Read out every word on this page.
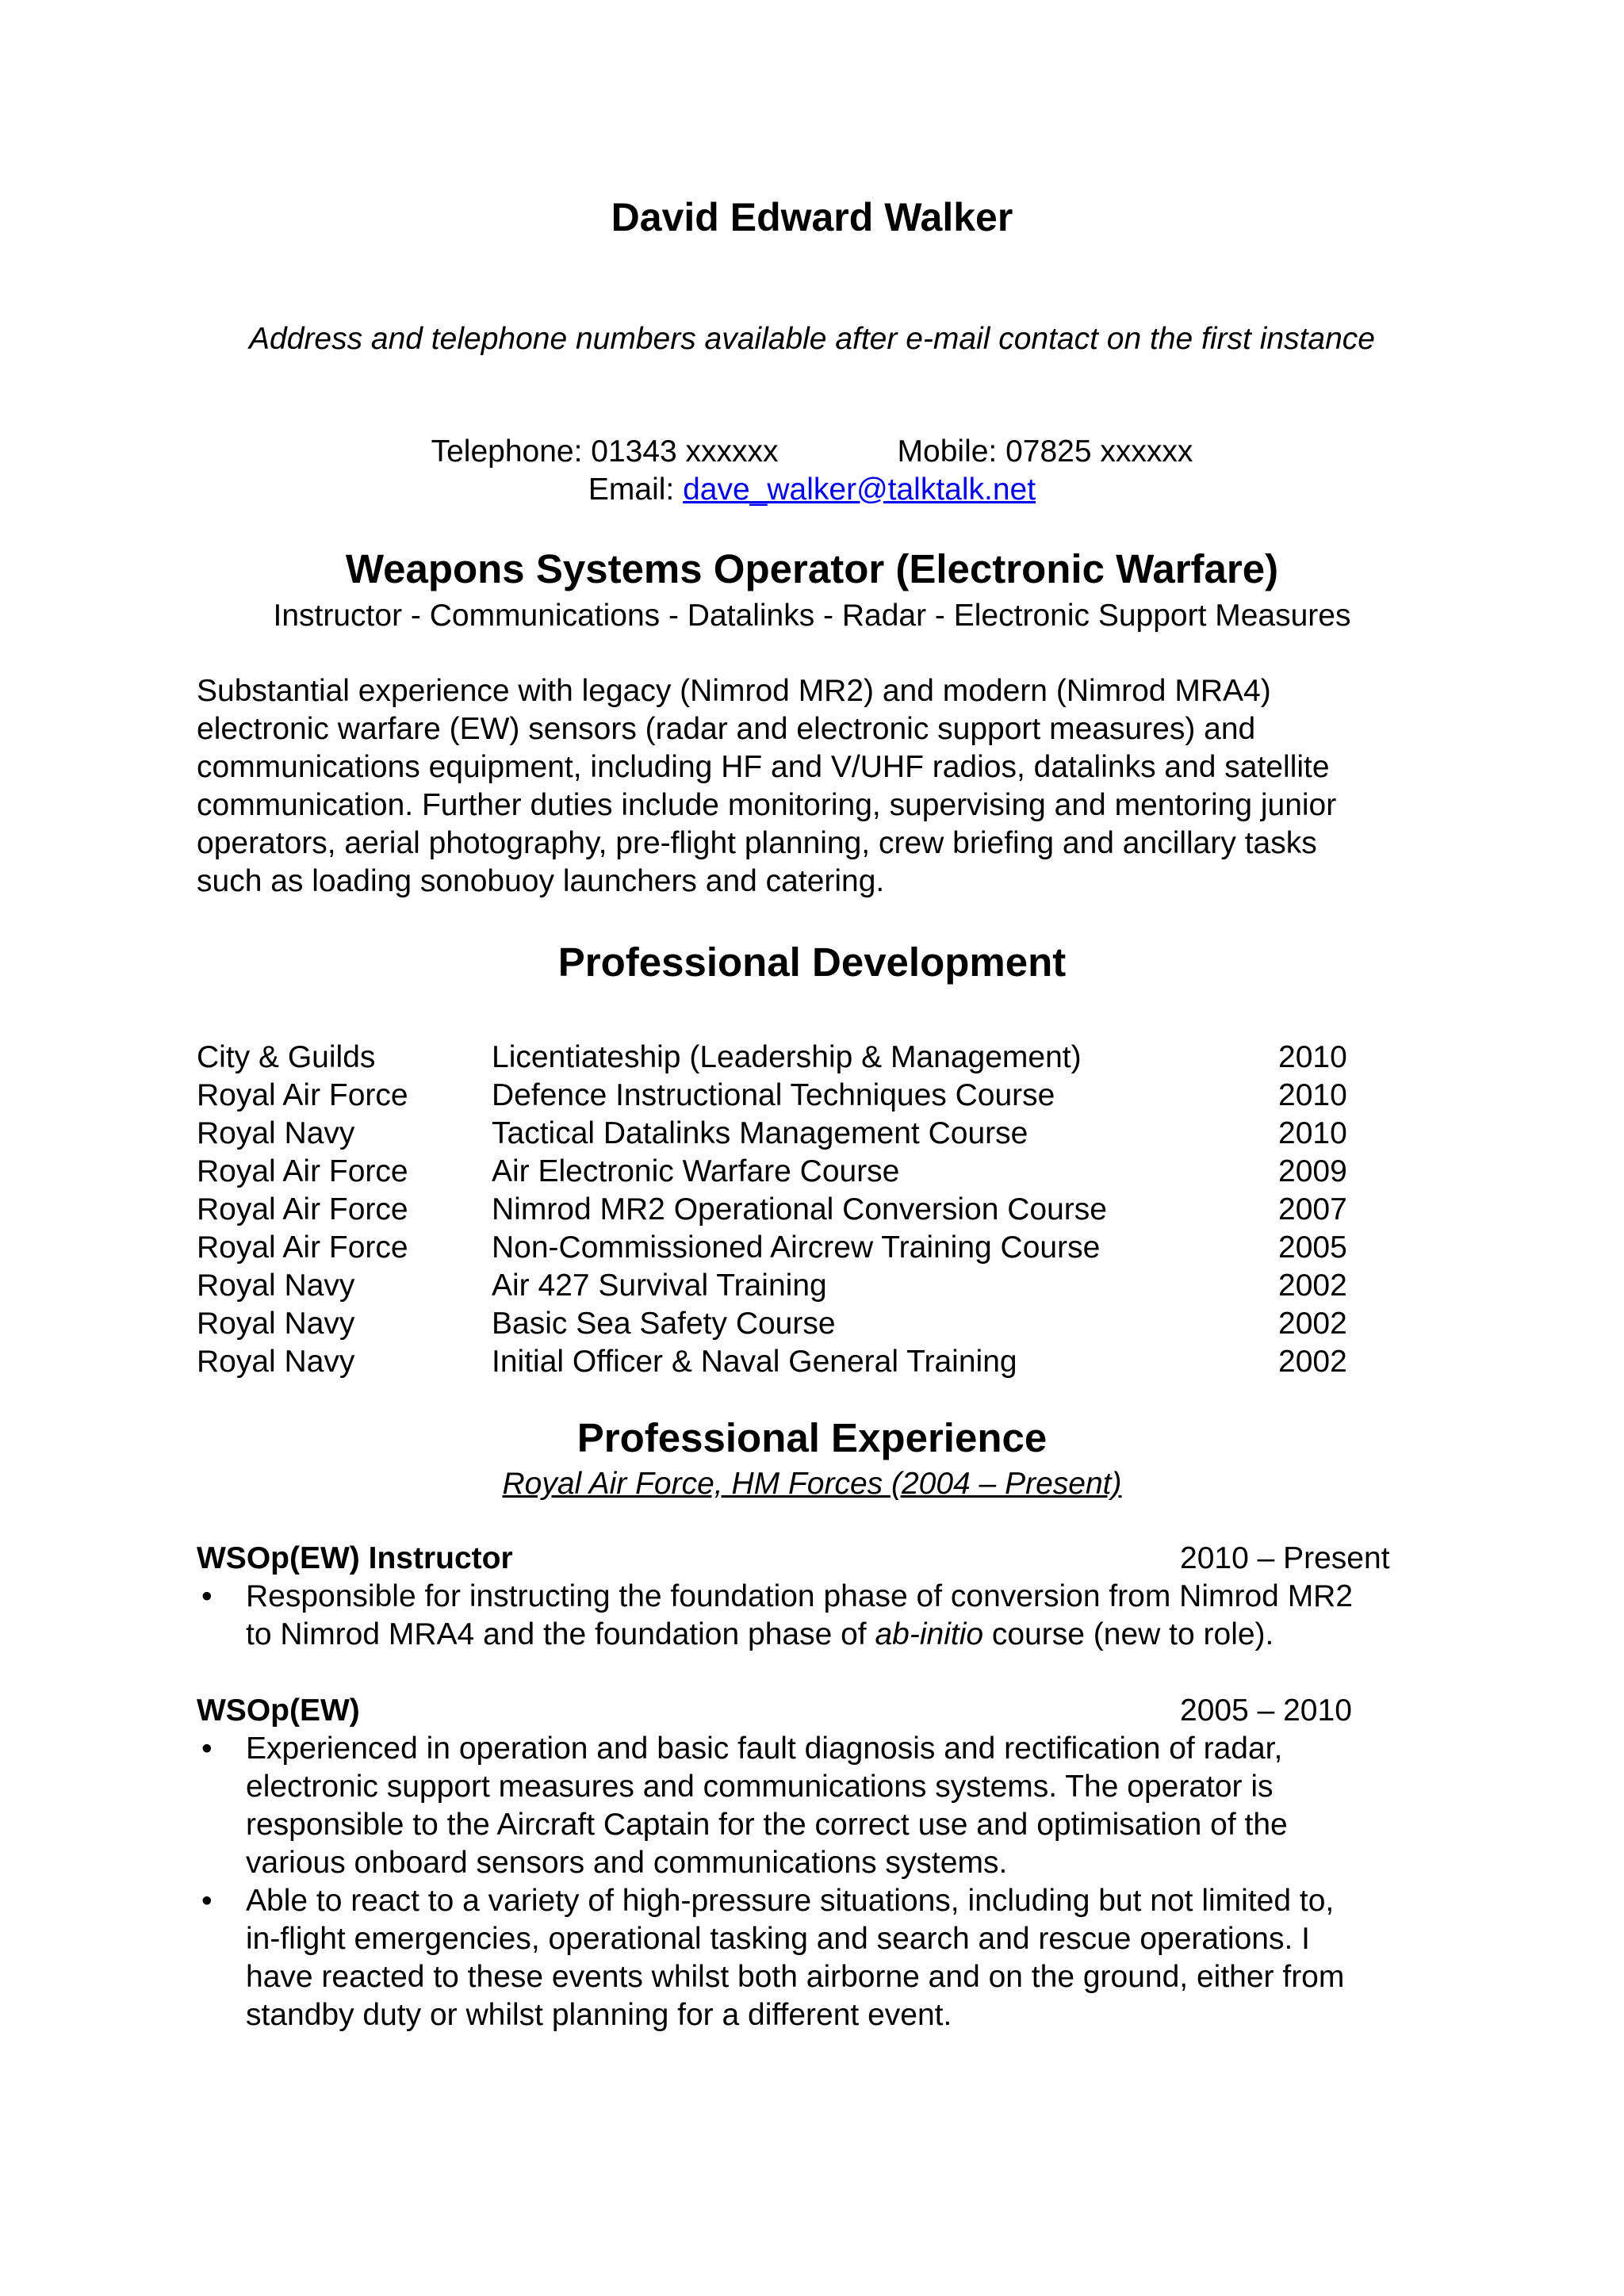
David Edward Walker
Address and telephone numbers available after e-mail contact on the first instance
Telephone: 01343 xxxxxx	Mobile: 07825 xxxxxx
Email: dave_walker@talktalk.net
Weapons Systems Operator (Electronic Warfare)
Instructor - Communications - Datalinks - Radar - Electronic Support Measures
Substantial experience with legacy (Nimrod MR2) and modern (Nimrod MRA4)
electronic warfare (EW) sensors (radar and electronic support measures) and
communications equipment, including HF and V/UHF radios, datalinks and satellite
communication. Further duties include monitoring, supervising and mentoring junior
operators, aerial photography, pre-flight planning, crew briefing and ancillary tasks
such as loading sonobuoy launchers and catering.
Professional Development
City & Guilds	Licentiateship (Leadership & Management)	2010
Royal Air Force	Defence Instructional Techniques Course	2010
Royal Navy	Tactical Datalinks Management Course	2010
Royal Air Force	Air Electronic Warfare Course	2009
Royal Air Force	Nimrod MR2 Operational Conversion Course	2007
Royal Air Force	Non-Commissioned Aircrew Training Course	2005
Royal Navy	Air 427 Survival Training	2002
Royal Navy	Basic Sea Safety Course	2002
Royal Navy	Initial Officer & Naval General Training	2002
Professional Experience
Royal Air Force, HM Forces (2004 – Present)
WSOp(EW) Instructor	2010 – Present
• Responsible for instructing the foundation phase of conversion from Nimrod MR2
to Nimrod MRA4 and the foundation phase of ab-initio course (new to role).
WSOp(EW)	2005 – 2010
• Experienced in operation and basic fault diagnosis and rectification of radar,
electronic support measures and communications systems. The operator is
responsible to the Aircraft Captain for the correct use and optimisation of the
various onboard sensors and communications systems.
• Able to react to a variety of high-pressure situations, including but not limited to,
in-flight emergencies, operational tasking and search and rescue operations. I
have reacted to these events whilst both airborne and on the ground, either from
standby duty or whilst planning for a different event.
